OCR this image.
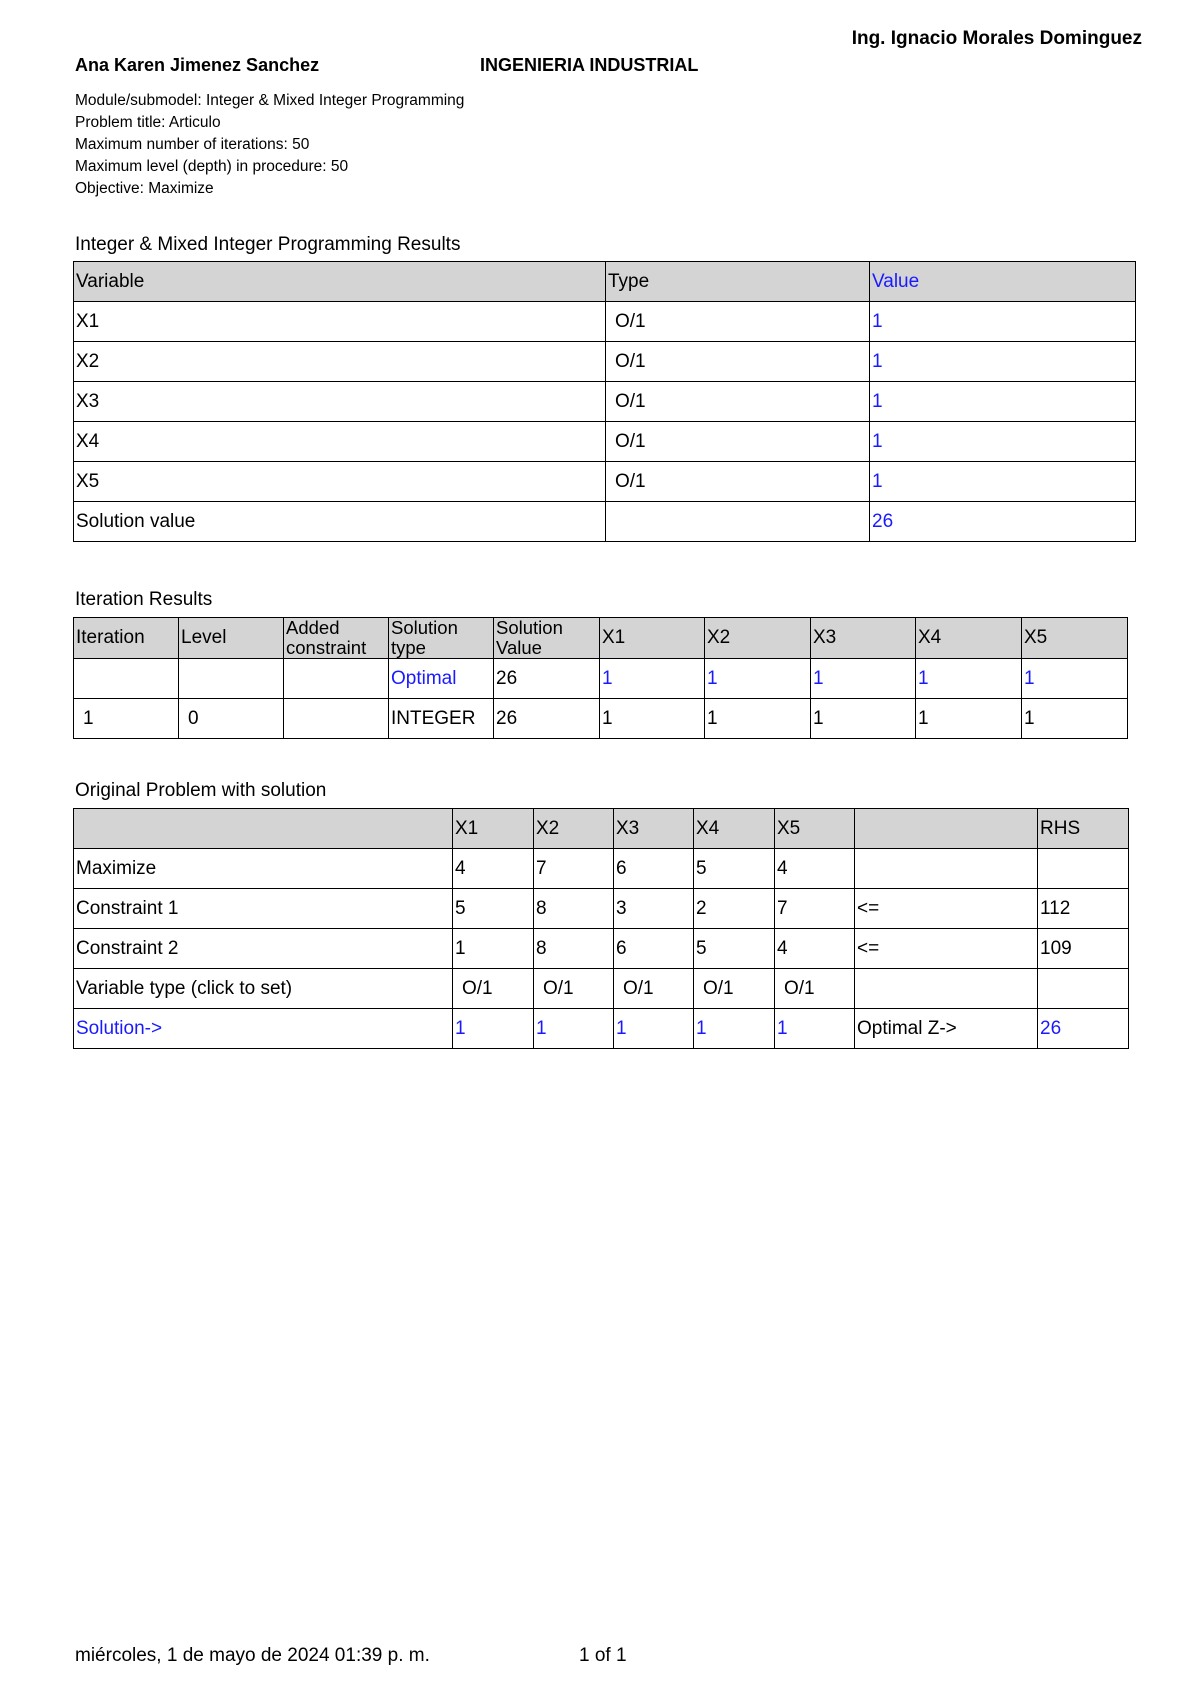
Ing. Ignacio Morales Dominguez
Ana Karen Jimenez Sanchez	INGENIERIA INDUSTRIAL
Module/submodel: Integer & Mixed Integer Programming
Problem title: Articulo
Maximum number of iterations: 50
Maximum level (depth) in procedure: 50
Objective: Maximize
Integer & Mixed Integer Programming Results
Variable	Type	Value
X1	O/1	1
X2	O/1	1
X3	O/1	1
X4	O/1	1
X5	O/1	1
Solution value		26
Iteration Results
Iteration	Level	Added constraint	Solution type	Solution Value	X1	X2	X3	X4	X5
			Optimal	26	1	1	1	1	1
1	0		INTEGER	26	1	1	1	1	1
Original Problem with solution
	X1	X2	X3	X4	X5		RHS
Maximize	4	7	6	5	4		
Constraint 1	5	8	3	2	7	<=	112
Constraint 2	1	8	6	5	4	<=	109
Variable type (click to set)	O/1	O/1	O/1	O/1	O/1		
Solution->	1	1	1	1	1	Optimal Z->	26
miércoles, 1 de mayo de 2024 01:39 p. m.	1 of 1
